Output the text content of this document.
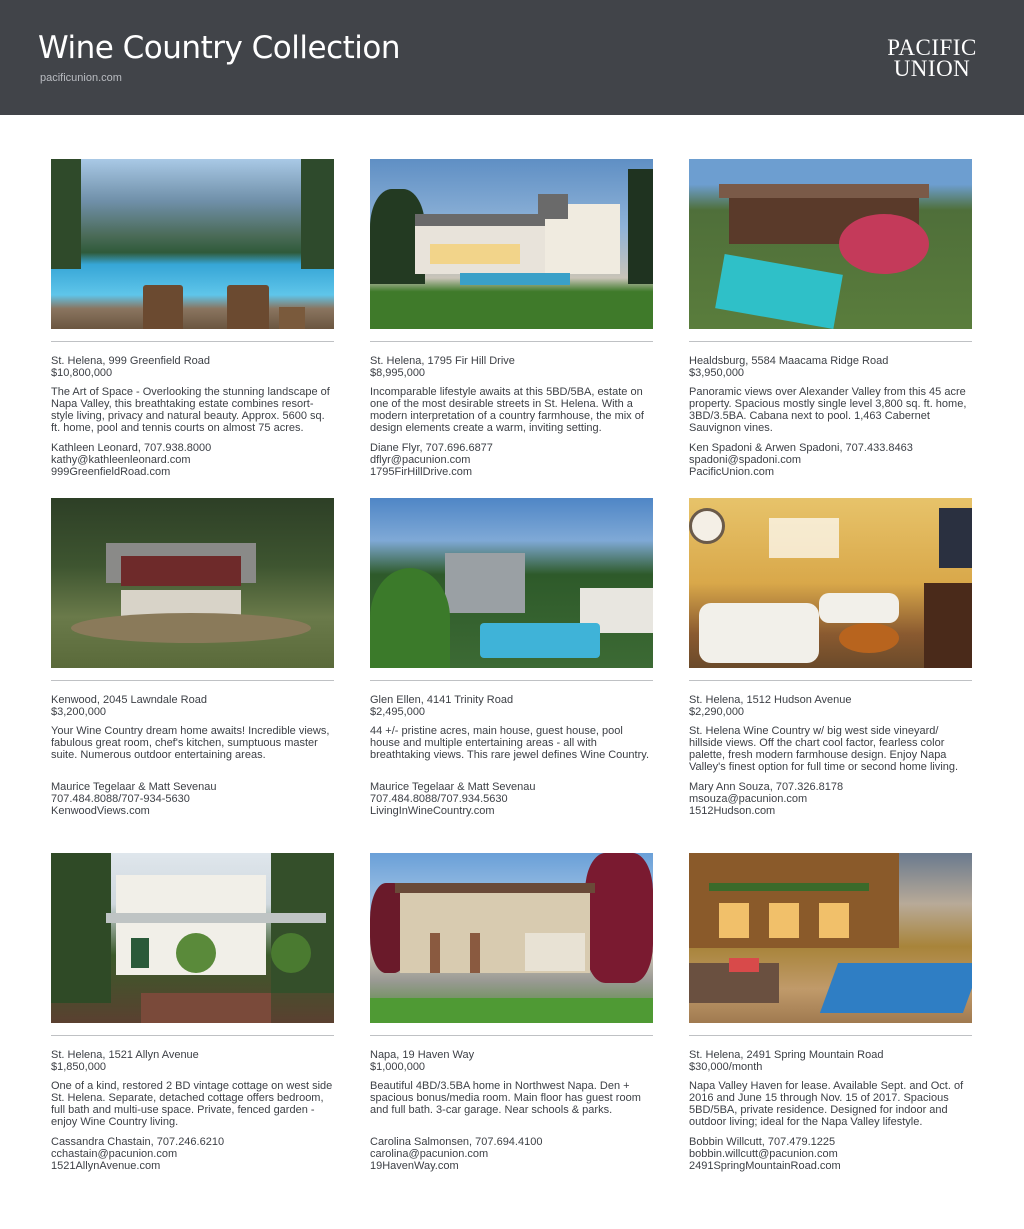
Wine Country Collection
pacificunion.com
PACIFIC
UNION
St. Helena, 999 Greenfield Road
$10,800,000
The Art of Space - Overlooking the stunning landscape of Napa Valley, this breathtaking estate combines resort-style living, privacy and natural beauty. Approx. 5600 sq. ft. home, pool and tennis courts on almost 75 acres.
Kathleen Leonard, 707.938.8000
kathy@kathleenleonard.com
999GreenfieldRoad.com
St. Helena, 1795 Fir Hill Drive
$8,995,000
Incomparable lifestyle awaits at this 5BD/5BA, estate on one of the most desirable streets in St. Helena. With a modern interpretation of a country farmhouse, the mix of design elements create a warm, inviting setting.
Diane Flyr, 707.696.6877
dflyr@pacunion.com
1795FirHillDrive.com
Healdsburg, 5584 Maacama Ridge Road
$3,950,000
Panoramic views over Alexander Valley from this 45 acre property. Spacious mostly single level 3,800 sq. ft. home, 3BD/3.5BA. Cabana next to pool. 1,463 Cabernet Sauvignon vines.
Ken Spadoni & Arwen Spadoni, 707.433.8463
spadoni@spadoni.com
PacificUnion.com
Kenwood, 2045 Lawndale Road
$3,200,000
Your Wine Country dream home awaits! Incredible views, fabulous great room, chef's kitchen, sumptuous master suite. Numerous outdoor entertaining areas.
Maurice Tegelaar & Matt Sevenau
707.484.8088/707-934-5630
KenwoodViews.com
Glen Ellen, 4141 Trinity Road
$2,495,000
44 +/- pristine acres, main house, guest house, pool house and multiple entertaining areas - all with breathtaking views. This rare jewel defines Wine Country.
Maurice Tegelaar & Matt Sevenau
707.484.8088/707.934.5630
LivingInWineCountry.com
St. Helena, 1512 Hudson Avenue
$2,290,000
St. Helena Wine Country w/ big west side vineyard/ hillside views. Off the chart cool factor, fearless color palette, fresh modern farmhouse design. Enjoy Napa Valley's finest option for full time or second home living.
Mary Ann Souza, 707.326.8178
msouza@pacunion.com
1512Hudson.com
St. Helena, 1521 Allyn Avenue
$1,850,000
One of a kind, restored 2 BD vintage cottage on west side St. Helena. Separate, detached cottage offers bedroom, full bath and multi-use space. Private, fenced garden - enjoy Wine Country living.
Cassandra Chastain, 707.246.6210
cchastain@pacunion.com
1521AllynAvenue.com
Napa, 19 Haven Way
$1,000,000
Beautiful 4BD/3.5BA home in Northwest Napa. Den + spacious bonus/media room. Main floor has guest room and full bath. 3-car garage. Near schools & parks.
Carolina Salmonsen, 707.694.4100
carolina@pacunion.com
19HavenWay.com
St. Helena, 2491 Spring Mountain Road
$30,000/month
Napa Valley Haven for lease. Available Sept. and Oct. of 2016 and June 15 through Nov. 15 of 2017. Spacious 5BD/5BA, private residence. Designed for indoor and outdoor living; ideal for the Napa Valley lifestyle.
Bobbin Willcutt, 707.479.1225
bobbin.willcutt@pacunion.com
2491SpringMountainRoad.com
